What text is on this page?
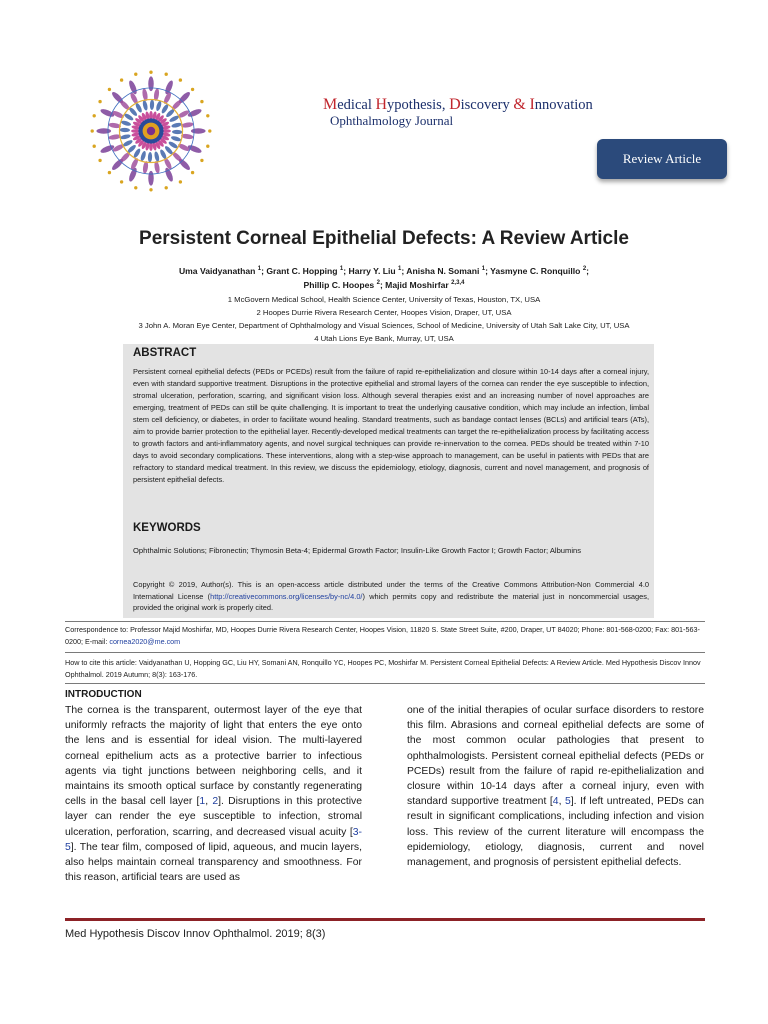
Medical Hypothesis, Discovery & Innovation
Ophthalmology Journal
Review Article
Persistent Corneal Epithelial Defects: A Review Article
Uma Vaidyanathan $^1$; Grant C. Hopping $^1$; Harry Y. Liu $^1$; Anisha N. Somani $^1$; Yasmyne C. Ronquillo $^2$;
Phillip C. Hoopes $^2$; Majid Moshirfar $^{2,3,4}$
1 McGovern Medical School, Health Science Center, University of Texas, Houston, TX, USA
2 Hoopes Durrie Rivera Research Center, Hoopes Vision, Draper, UT, USA
3 John A. Moran Eye Center, Department of Ophthalmology and Visual Sciences, School of Medicine, University of Utah Salt Lake City, UT, USA
4 Utah Lions Eye Bank, Murray, UT, USA
ABSTRACT
Persistent corneal epithelial defects (PEDs or PCEDs) result from the failure of rapid re-epithelialization and closure within 10-14 days after a corneal injury, even with standard supportive treatment. Disruptions in the protective epithelial and stromal layers of the cornea can render the eye susceptible to infection, stromal ulceration, perforation, scarring, and significant vision loss. Although several therapies exist and an increasing number of novel approaches are emerging, treatment of PEDs can still be quite challenging. It is important to treat the underlying causative condition, which may include an infection, limbal stem cell deficiency, or diabetes, in order to facilitate wound healing. Standard treatments, such as bandage contact lenses (BCLs) and artificial tears (ATs), aim to provide barrier protection to the epithelial layer. Recently-developed medical treatments can target the re-epithelialization process by facilitating access to growth factors and anti-inflammatory agents, and novel surgical techniques can provide re-innervation to the cornea. PEDs should be treated within 7-10 days to avoid secondary complications. These interventions, along with a step-wise approach to management, can be useful in patients with PEDs that are refractory to standard medical treatment. In this review, we discuss the epidemiology, etiology, diagnosis, current and novel management, and prognosis of persistent epithelial defects.
KEYWORDS
Ophthalmic Solutions; Fibronectin; Thymosin Beta-4; Epidermal Growth Factor; Insulin-Like Growth Factor I; Growth Factor; Albumins
Copyright © 2019, Author(s). This is an open-access article distributed under the terms of the Creative Commons Attribution-Non Commercial 4.0 International License (http://creativecommons.org/licenses/by-nc/4.0/) which permits copy and redistribute the material just in noncommercial usages, provided the original work is properly cited.
Correspondence to: Professor Majid Moshirfar, MD, Hoopes Durrie Rivera Research Center, Hoopes Vision, 11820 S. State Street Suite, #200, Draper, UT 84020; Phone: 801-568-0200; Fax: 801-563-0200; E-mail: cornea2020@me.com
How to cite this article: Vaidyanathan U, Hopping GC, Liu HY, Somani AN, Ronquillo YC, Hoopes PC, Moshirfar M. Persistent Corneal Epithelial Defects: A Review Article. Med Hypothesis Discov Innov Ophthalmol. 2019 Autumn; 8(3): 163-176.
INTRODUCTION
The cornea is the transparent, outermost layer of the eye that uniformly refracts the majority of light that enters the eye onto the lens and is essential for ideal vision. The multi-layered corneal epithelium acts as a protective barrier to infectious agents via tight junctions between neighboring cells, and it maintains its smooth optical surface by constantly regenerating cells in the basal cell layer [1, 2]. Disruptions in this protective layer can render the eye susceptible to infection, stromal ulceration, perforation, scarring, and decreased visual acuity [3-5]. The tear film, composed of lipid, aqueous, and mucin layers, also helps maintain corneal transparency and smoothness. For this reason, artificial tears are used as
one of the initial therapies of ocular surface disorders to restore this film. Abrasions and corneal epithelial defects are some of the most common ocular pathologies that present to ophthalmologists. Persistent corneal epithelial defects (PEDs or PCEDs) result from the failure of rapid re-epithelialization and closure within 10-14 days after a corneal injury, even with standard supportive treatment [4, 5]. If left untreated, PEDs can result in significant complications, including infection and vision loss. This review of the current literature will encompass the epidemiology, etiology, diagnosis, current and novel management, and prognosis of persistent epithelial defects.
Med Hypothesis Discov Innov Ophthalmol. 2019; 8(3)
